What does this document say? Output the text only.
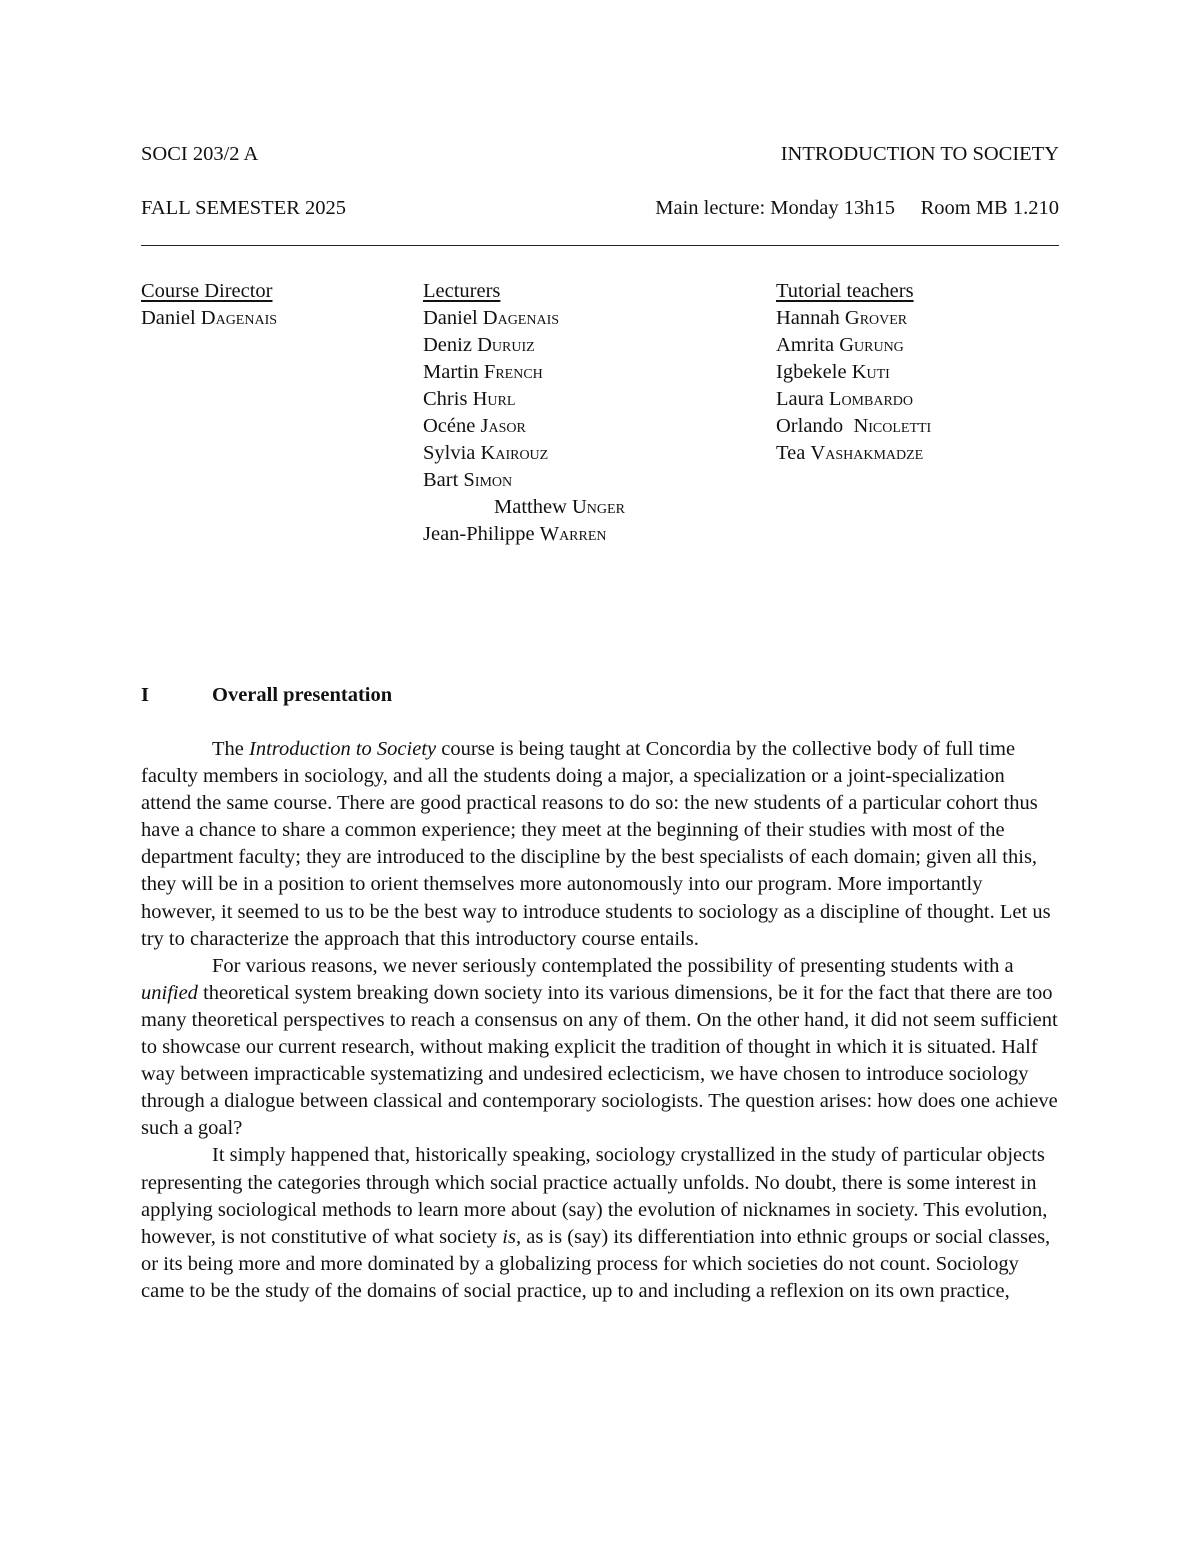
SOCI 203/2 A	INTRODUCTION TO SOCIETY
FALL SEMESTER 2025	Main lecture: Monday 13h15     Room MB 1.210
Course Director
Daniel Dagenais
Lecturers
Daniel Dagenais
Deniz Duruiz
Martin French
Chris Hurl
Océne Jasor
Sylvia Kairouz
Bart Simon
Matthew Unger
Jean-Philippe Warren
Tutorial teachers
Hannah Grover
Amrita Gurung
Igbekele Kuti
Laura Lombardo
Orlando  Nicoletti
Tea Vashakmadze
I	Overall presentation

The Introduction to Society course is being taught at Concordia by the collective body of full time faculty members in sociology, and all the students doing a major, a specialization or a joint-specialization attend the same course. There are good practical reasons to do so: the new students of a particular cohort thus have a chance to share a common experience; they meet at the beginning of their studies with most of the department faculty; they are introduced to the discipline by the best specialists of each domain; given all this, they will be in a position to orient themselves more autonomously into our program. More importantly however, it seemed to us to be the best way to introduce students to sociology as a discipline of thought. Let us try to characterize the approach that this introductory course entails.

For various reasons, we never seriously contemplated the possibility of presenting students with a unified theoretical system breaking down society into its various dimensions, be it for the fact that there are too many theoretical perspectives to reach a consensus on any of them. On the other hand, it did not seem sufficient to showcase our current research, without making explicit the tradition of thought in which it is situated. Half way between impracticable systematizing and undesired eclecticism, we have chosen to introduce sociology through a dialogue between classical and contemporary sociologists. The question arises: how does one achieve such a goal?

It simply happened that, historically speaking, sociology crystallized in the study of particular objects representing the categories through which social practice actually unfolds. No doubt, there is some interest in applying sociological methods to learn more about (say) the evolution of nicknames in society. This evolution, however, is not constitutive of what society is, as is (say) its differentiation into ethnic groups or social classes, or its being more and more dominated by a globalizing process for which societies do not count. Sociology came to be the study of the domains of social practice, up to and including a reflexion on its own practice,
